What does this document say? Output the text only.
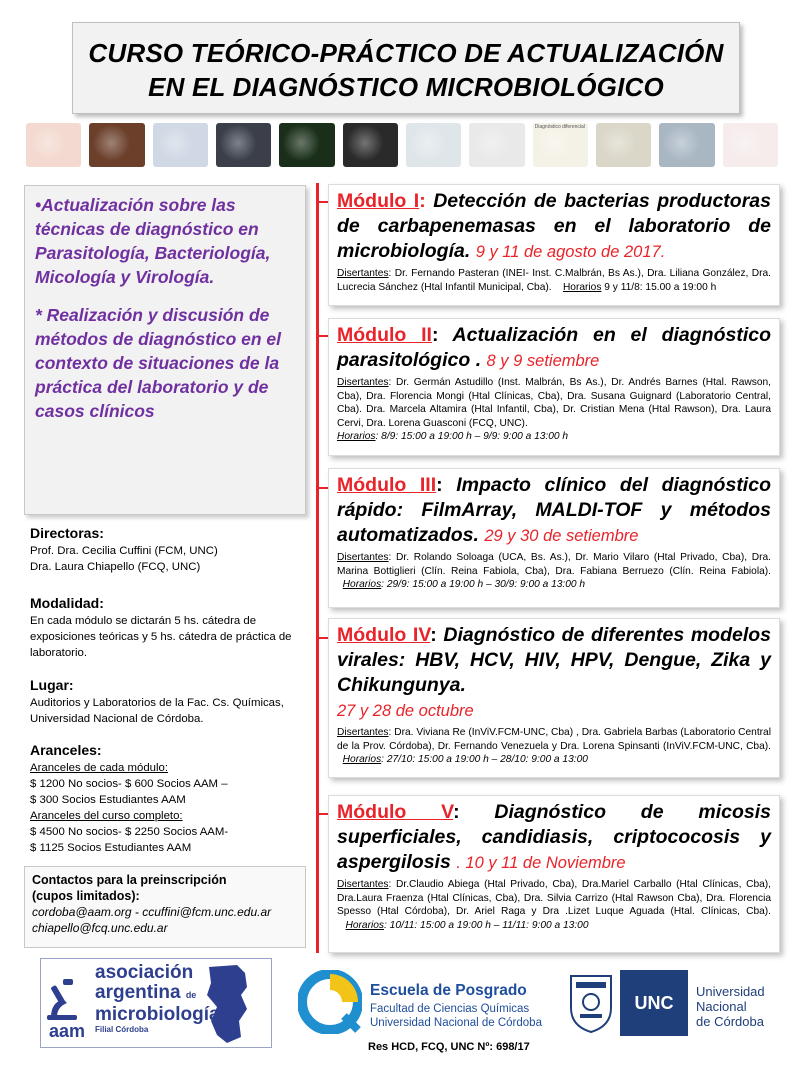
CURSO TEÓRICO-PRÁCTICO DE ACTUALIZACIÓN
EN EL DIAGNÓSTICO MICROBIOLÓGICO
Diagnóstico diferencial

•Actualización sobre las técnicas de diagnóstico en Parasitología, Bacteriología, Micología y Virología.

* Realización y discusión de métodos de diagnóstico en el contexto de situaciones de la práctica del laboratorio y de casos clínicos

Directoras:
Prof. Dra. Cecilia Cuffini (FCM, UNC)
Dra. Laura Chiapello (FCQ, UNC)
Modalidad:
En cada módulo se dictarán 5 hs. cátedra de exposiciones teóricas y 5 hs. cátedra de práctica de laboratorio.
Lugar:
Auditorios y Laboratorios de la Fac. Cs. Químicas, Universidad Nacional de Córdoba.
Aranceles:
Aranceles de cada módulo:
$ 1200 No socios- $ 600 Socios AAM –
$ 300 Socios Estudiantes AAM
Aranceles del curso completo:
$ 4500 No socios- $ 2250 Socios AAM-
$ 1125 Socios Estudiantes AAM
Contactos para la preinscripción
(cupos limitados):
cordoba@aam.org - ccuffini@fcm.unc.edu.ar
chiapello@fcq.unc.edu.ar
Módulo I: Detección de bacterias productoras de carbapenemasas en el laboratorio de microbiología. 9 y 11 de agosto de 2017.
Disertantes: Dr. Fernando Pasteran (INEI- Inst. C.Malbrán, Bs As.), Dra. Liliana González, Dra. Lucrecia Sánchez (Htal Infantil Municipal, Cba). Horarios 9 y 11/8: 15.00 a 19:00 h
Módulo II: Actualización en el diagnóstico parasitológico . 8 y 9 setiembre
Disertantes: Dr. Germán Astudillo (Inst. Malbrán, Bs As.), Dr. Andrés Barnes (Htal. Rawson, Cba), Dra. Florencia Mongi (Htal Clínicas, Cba), Dra. Susana Guignard (Laboratorio Central, Cba). Dra. Marcela Altamira (Htal Infantil, Cba), Dr. Cristian Mena (Htal Rawson), Dra. Laura Cervi, Dra. Lorena Guasconi (FCQ, UNC).
Horarios: 8/9: 15:00 a 19:00 h – 9/9: 9:00 a 13:00 h
Módulo III: Impacto clínico del diagnóstico rápido: FilmArray, MALDI-TOF y métodos automatizados. 29 y 30 de setiembre
Disertantes: Dr. Rolando Soloaga (UCA, Bs. As.), Dr. Mario Vilaro (Htal Privado, Cba), Dra. Marina Bottiglieri (Clín. Reina Fabiola, Cba), Dra. Fabiana Berruezo (Clín. Reina Fabiola).   Horarios: 29/9: 15:00 a 19:00 h – 30/9: 9:00 a 13:00 h
Módulo IV: Diagnóstico de diferentes modelos virales: HBV, HCV, HIV, HPV, Dengue, Zika y Chikungunya.
27 y 28 de octubre
Disertantes: Dra. Viviana Re (InViV.FCM-UNC, Cba) , Dra. Gabriela Barbas (Laboratorio Central de la Prov. Córdoba), Dr. Fernando Venezuela y Dra. Lorena Spinsanti (InViV.FCM-UNC, Cba).   Horarios: 27/10: 15:00 a 19:00 h – 28/10: 9:00 a 13:00
Módulo V: Diagnóstico de micosis superficiales, candidiasis, criptococosis y aspergilosis . 10 y 11 de Noviembre
Disertantes: Dr.Claudio Abiega (Htal Privado, Cba), Dra.Mariel Carballo (Htal Clínicas, Cba), Dra.Laura Fraenza (Htal Clínicas, Cba), Dra. Silvia Carrizo (Htal Rawson Cba), Dra. Florencia Spesso (Htal Córdoba), Dr. Ariel Raga y Dra .Lizet Luque Aguada (Htal. Clínicas, Cba).    Horarios: 10/11: 15:00 a 19:00 h – 11/11: 9:00 a 13:00
aam
asociación
argentina de
microbiología
Filial Córdoba
Escuela de Posgrado
Facultad de Ciencias Químicas
Universidad Nacional de Córdoba
UNC
Universidad
Nacional
de Córdoba
Res HCD, FCQ, UNC Nº: 698/17
